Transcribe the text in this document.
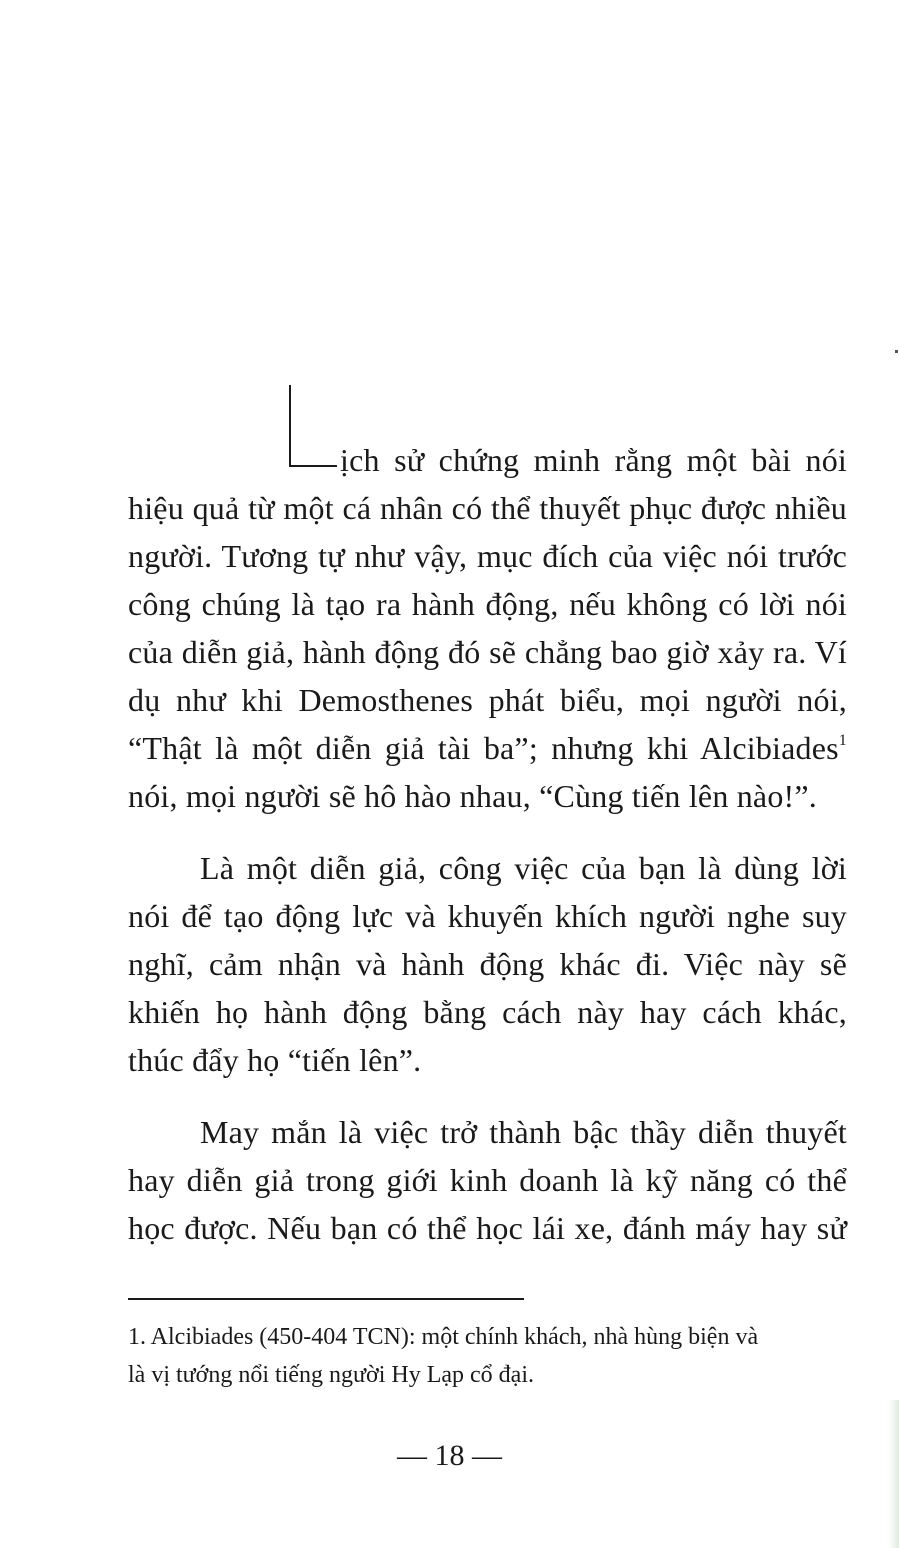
ịch sử chứng minh rằng một bài nói
hiệu quả từ một cá nhân có thể thuyết phục được nhiều
người. Tương tự như vậy, mục đích của việc nói trước
công chúng là tạo ra hành động, nếu không có lời nói
của diễn giả, hành động đó sẽ chẳng bao giờ xảy ra. Ví
dụ như khi Demosthenes phát biểu, mọi người nói,
“Thật là một diễn giả tài ba”; nhưng khi Alcibiades$^1$
nói, mọi người sẽ hô hào nhau, “Cùng tiến lên nào!”.
Là một diễn giả, công việc của bạn là dùng lời
nói để tạo động lực và khuyến khích người nghe suy
nghĩ, cảm nhận và hành động khác đi. Việc này sẽ
khiến họ hành động bằng cách này hay cách khác,
thúc đẩy họ “tiến lên”.
May mắn là việc trở thành bậc thầy diễn thuyết
hay diễn giả trong giới kinh doanh là kỹ năng có thể
học được. Nếu bạn có thể học lái xe, đánh máy hay sử
1. Alcibiades (450-404 TCN): một chính khách, nhà hùng biện và
là vị tướng nổi tiếng người Hy Lạp cổ đại.
— 18 —
